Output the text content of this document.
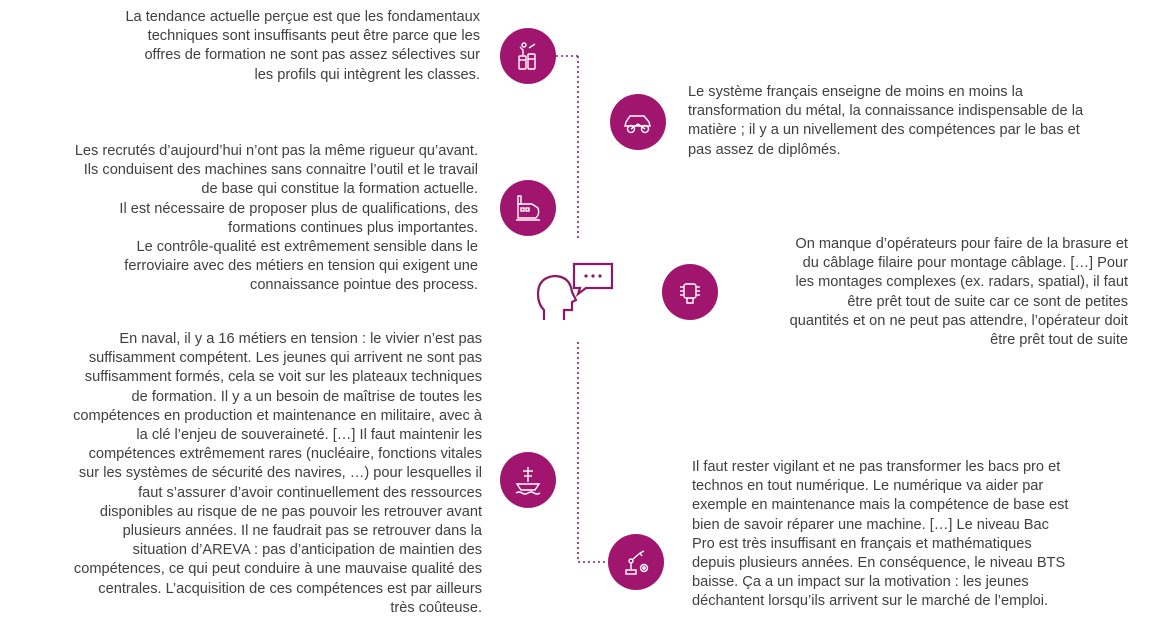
La tendance actuelle perçue est que les fondamentaux
techniques sont insuffisants peut être parce que les
offres de formation ne sont pas assez sélectives sur
les profils qui intègrent les classes.

Les recrutés d’aujourd’hui n’ont pas la même rigueur qu’avant.
Ils conduisent des machines sans connaitre l’outil et le travail
de base qui constitue la formation actuelle.
Il est nécessaire de proposer plus de qualifications, des
formations continues plus importantes.
Le contrôle-qualité est extrêmement sensible dans le
ferroviaire avec des métiers en tension qui exigent une
connaissance pointue des process.

En naval, il y a 16 métiers en tension : le vivier n’est pas
suffisamment compétent. Les jeunes qui arrivent ne sont pas
suffisamment formés, cela se voit sur les plateaux techniques
de formation. Il y a un besoin de maîtrise de toutes les
compétences en production et maintenance en militaire, avec à
la clé l’enjeu de souveraineté. […] Il faut maintenir les
compétences extrêmement rares (nucléaire, fonctions vitales
sur les systèmes de sécurité des navires, …) pour lesquelles il
faut s’assurer d’avoir continuellement des ressources
disponibles au risque de ne pas pouvoir les retrouver avant
plusieurs années. Il ne faudrait pas se retrouver dans la
situation d’AREVA : pas d’anticipation de maintien des
compétences, ce qui peut conduire à une mauvaise qualité des
centrales. L’acquisition de ces compétences est par ailleurs
très coûteuse.

Le système français enseigne de moins en moins la
transformation du métal, la connaissance indispensable de la
matière ; il y a un nivellement des compétences par le bas et
pas assez de diplômés.

On manque d’opérateurs pour faire de la brasure et
du câblage filaire pour montage câblage. […] Pour
les montages complexes (ex. radars, spatial), il faut
être prêt tout de suite car ce sont de petites
quantités et on ne peut pas attendre, l’opérateur doit
être prêt tout de suite

Il faut rester vigilant et ne pas transformer les bacs pro et
technos en tout numérique. Le numérique va aider par
exemple en maintenance mais la compétence de base est
bien de savoir réparer une machine. […] Le niveau Bac
Pro est très insuffisant en français et mathématiques
depuis plusieurs années. En conséquence, le niveau BTS
baisse. Ça a un impact sur la motivation : les jeunes
déchantent lorsqu’ils arrivent sur le marché de l’emploi.
